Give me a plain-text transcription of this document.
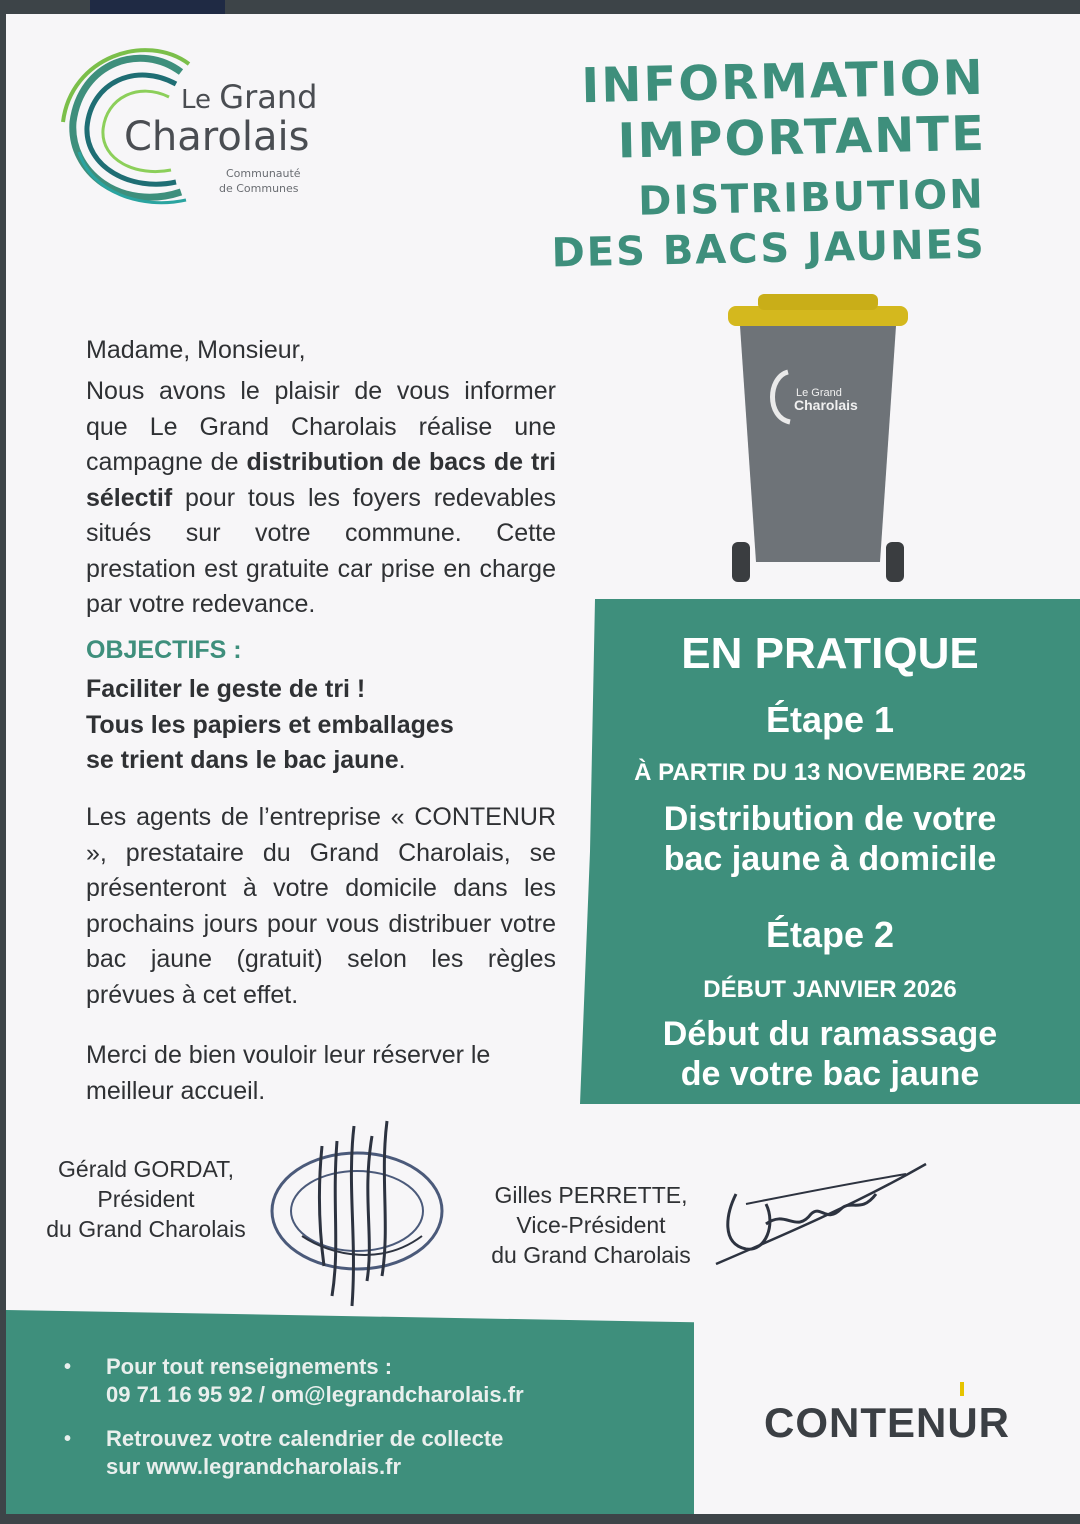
Le Grand
Charolais
Communauté
de Communes
INFORMATION
IMPORTANTE
DISTRIBUTION
DES BACS JAUNES
Le Grand
Charolais
Madame, Monsieur,
Nous avons le plaisir de vous informer que Le Grand Charolais réalise une campagne de distribution de bacs de tri sélectif pour tous les foyers redevables situés sur votre commune. Cette prestation est gratuite car prise en charge par votre redevance.
OBJECTIFS :
Faciliter le geste de tri !
Tous les papiers et emballages
se trient dans le bac jaune.
Les agents de l’entreprise « CONTENUR », prestataire du Grand Charolais, se présenteront à votre domicile dans les prochains jours pour vous distribuer votre bac jaune (gratuit) selon les règles prévues à cet effet.
Merci de bien vouloir leur réserver le meilleur accueil.
EN PRATIQUE
Étape 1
À PARTIR DU 13 NOVEMBRE 2025
Distribution de votre
bac jaune à domicile
Étape 2
DÉBUT JANVIER 2026
Début du ramassage
de votre bac jaune
Gérald GORDAT,
Président
du Grand Charolais
Gilles PERRETTE,
Vice-Président
du Grand Charolais
• Pour tout renseignements :
09 71 16 95 92 / om@legrandcharolais.fr
• Retrouvez votre calendrier de collecte
sur www.legrandcharolais.fr
CONTENUR
